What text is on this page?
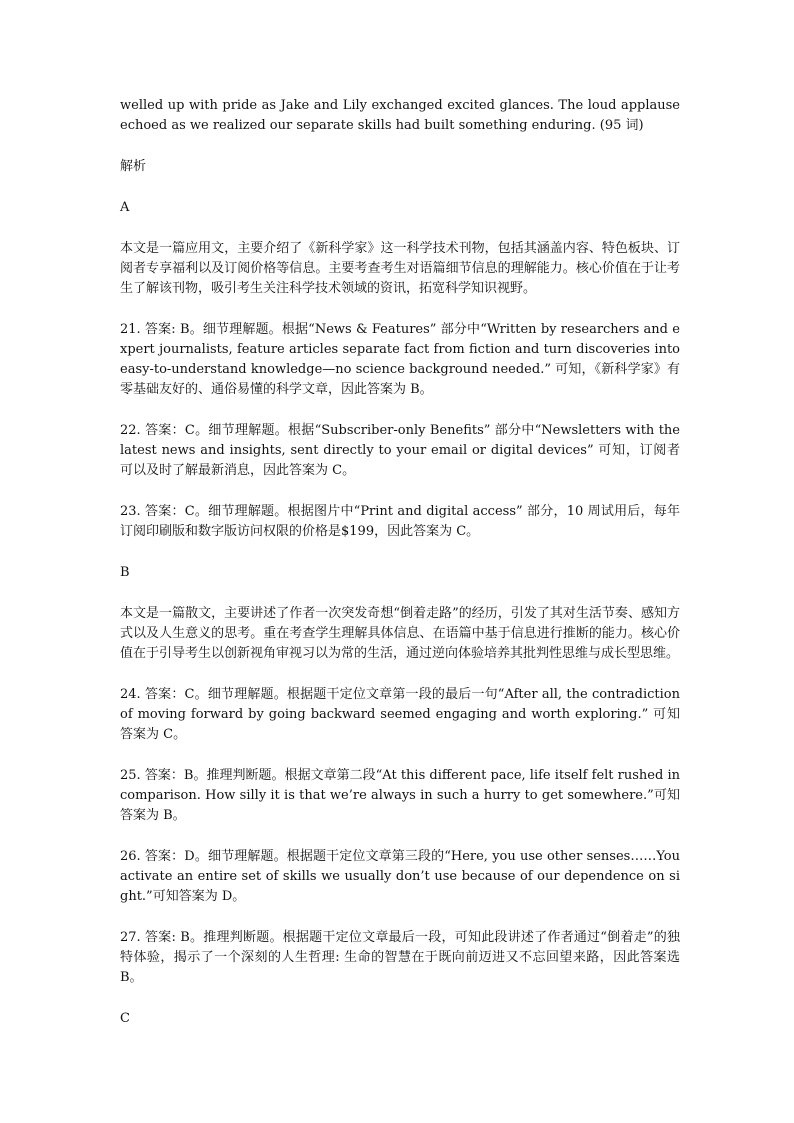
welled up with pride as Jake and Lily exchanged excited glances. The loud applause echoed as we realized our separate skills had built something enduring. (95 词)

解析

A

本文是一篇应用文，主要介绍了《新科学家》这一科学技术刊物，包括其涵盖内容、特色板块、订阅者专享福利以及订阅价格等信息。主要考查考生对语篇细节信息的理解能力。核心价值在于让考生了解该刊物，吸引考生关注科学技术领域的资讯，拓宽科学知识视野。

21. 答案: B。细节理解题。根据“News & Features” 部分中“Written by researchers and expert journalists, feature articles separate fact from fiction and turn discoveries into easy-to-understand knowledge—no science background needed.” 可知，《新科学家》有零基础友好的、通俗易懂的科学文章，因此答案为 B。

22. 答案：C。细节理解题。根据“Subscriber-only Benefits” 部分中“Newsletters with the latest news and insights, sent directly to your email or digital devices” 可知，订阅者可以及时了解最新消息，因此答案为 C。

23. 答案：C。细节理解题。根据图片中“Print and digital access” 部分，10 周试用后，每年订阅印刷版和数字版访问权限的价格是$199，因此答案为 C。

B

本文是一篇散文，主要讲述了作者一次突发奇想“倒着走路”的经历，引发了其对生活节奏、感知方式以及人生意义的思考。重在考查学生理解具体信息、在语篇中基于信息进行推断的能力。核心价值在于引导考生以创新视角审视习以为常的生活，通过逆向体验培养其批判性思维与成长型思维。

24. 答案：C。细节理解题。根据题干定位文章第一段的最后一句“After all, the contradiction of moving forward by going backward seemed engaging and worth exploring.” 可知答案为 C。

25. 答案：B。推理判断题。根据文章第二段“At this different pace, life itself felt rushed in comparison. How silly it is that we’re always in such a hurry to get somewhere.”可知答案为 B。

26. 答案：D。细节理解题。根据题干定位文章第三段的“Here, you use other senses……You activate an entire set of skills we usually don’t use because of our dependence on sight.”可知答案为 D。

27. 答案: B。推理判断题。根据题干定位文章最后一段，可知此段讲述了作者通过“倒着走”的独特体验，揭示了一个深刻的人生哲理: 生命的智慧在于既向前迈进又不忘回望来路，因此答案选 B。

C
